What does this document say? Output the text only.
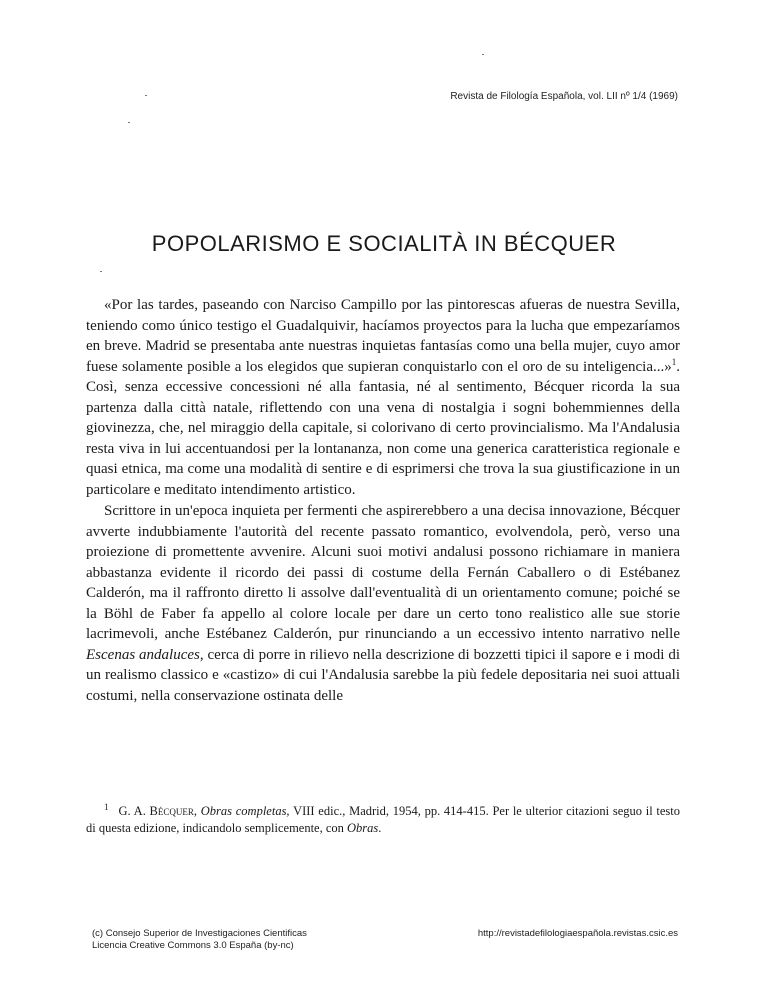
Revista de Filología Española, vol. LII nº 1/4 (1969)
POPOLARISMO E SOCIALITÀ IN BÉCQUER

«Por las tardes, paseando con Narciso Campillo por las pintorescas afueras de nuestra Sevilla, teniendo como único testigo el Guadalquivir, hacíamos proyectos para la lucha que empezaríamos en breve. Madrid se presentaba ante nuestras inquietas fantasías como una bella mujer, cuyo amor fuese solamente posible a los elegidos que supieran conquistarlo con el oro de su inteligencia...»$^1$. Così, senza eccessive concessioni né alla fantasia, né al sentimento, Bécquer ricorda la sua partenza dalla città natale, riflettendo con una vena di nostalgia i sogni bohemmiennes della giovinezza, che, nel miraggio della capitale, si colorivano di certo provincialismo. Ma l'Andalusia resta viva in lui accentuandosi per la lontananza, non come una generica caratteristica regionale e quasi etnica, ma come una modalità di sentire e di esprimersi che trova la sua giustificazione in un particolare e meditato intendimento artistico.

Scrittore in un'epoca inquieta per fermenti che aspirerebbero a una decisa innovazione, Bécquer avverte indubbiamente l'autorità del recente passato romantico, evolvendola, però, verso una proiezione di promettente avvenire. Alcuni suoi motivi andalusi possono richiamare in maniera abbastanza evidente il ricordo dei passi di costume della Fernán Caballero o di Estébanez Calderón, ma il raffronto diretto li assolve dall'eventualità di un orientamento comune; poiché se la Böhl de Faber fa appello al colore locale per dare un certo tono realistico alle sue storie lacrimevoli, anche Estébanez Calderón, pur rinunciando a un eccessivo intento narrativo nelle Escenas andaluces, cerca di porre in rilievo nella descrizione di bozzetti tipici il sapore e i modi di un realismo classico e «castizo» di cui l'Andalusia sarebbe la più fedele depositaria nei suoi attuali costumi, nella conservazione ostinata delle

$^1$ G. A. Bécquer, Obras completas, VIII edic., Madrid, 1954, pp. 414-415. Per le ulterior citazioni seguo il testo di questa edizione, indicandolo semplicemente, con Obras.
(c) Consejo Superior de Investigaciones Cientificas
Licencia Creative Commons 3.0 España (by-nc)
http://revistadefilologiaespañola.revistas.csic.es
